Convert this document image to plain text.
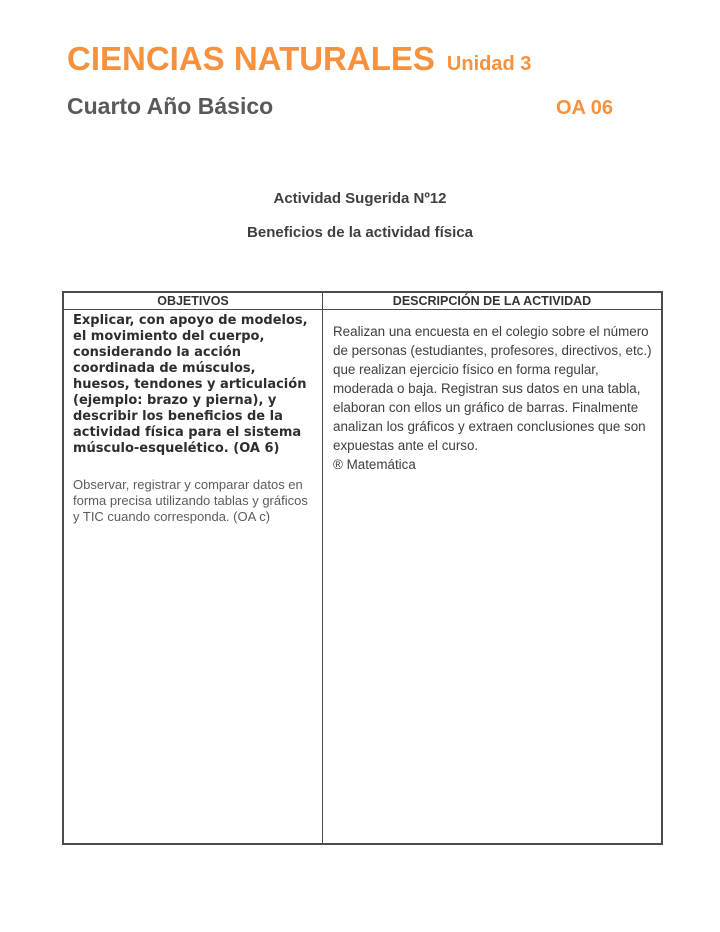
CIENCIAS NATURALES Unidad 3
Cuarto Año Básico	OA 06
Actividad Sugerida Nº12
Beneficios de la actividad física
OBJETIVOS	DESCRIPCIÓN DE LA ACTIVIDAD

Explicar, con apoyo de modelos, el movimiento del cuerpo, considerando la acción coordinada de músculos, huesos, tendones y articulación (ejemplo: brazo y pierna), y describir los beneficios de la actividad física para el sistema músculo-esquelético. (OA 6)

Observar, registrar y comparar datos en forma precisa utilizando tablas y gráficos y TIC cuando corresponda. (OA c)

Realizan una encuesta en el colegio sobre el número de personas (estudiantes, profesores, directivos, etc.) que realizan ejercicio físico en forma regular, moderada o baja. Registran sus datos en una tabla, elaboran con ellos un gráfico de barras. Finalmente analizan los gráficos y extraen conclusiones que son expuestas ante el curso.

® Matemática
